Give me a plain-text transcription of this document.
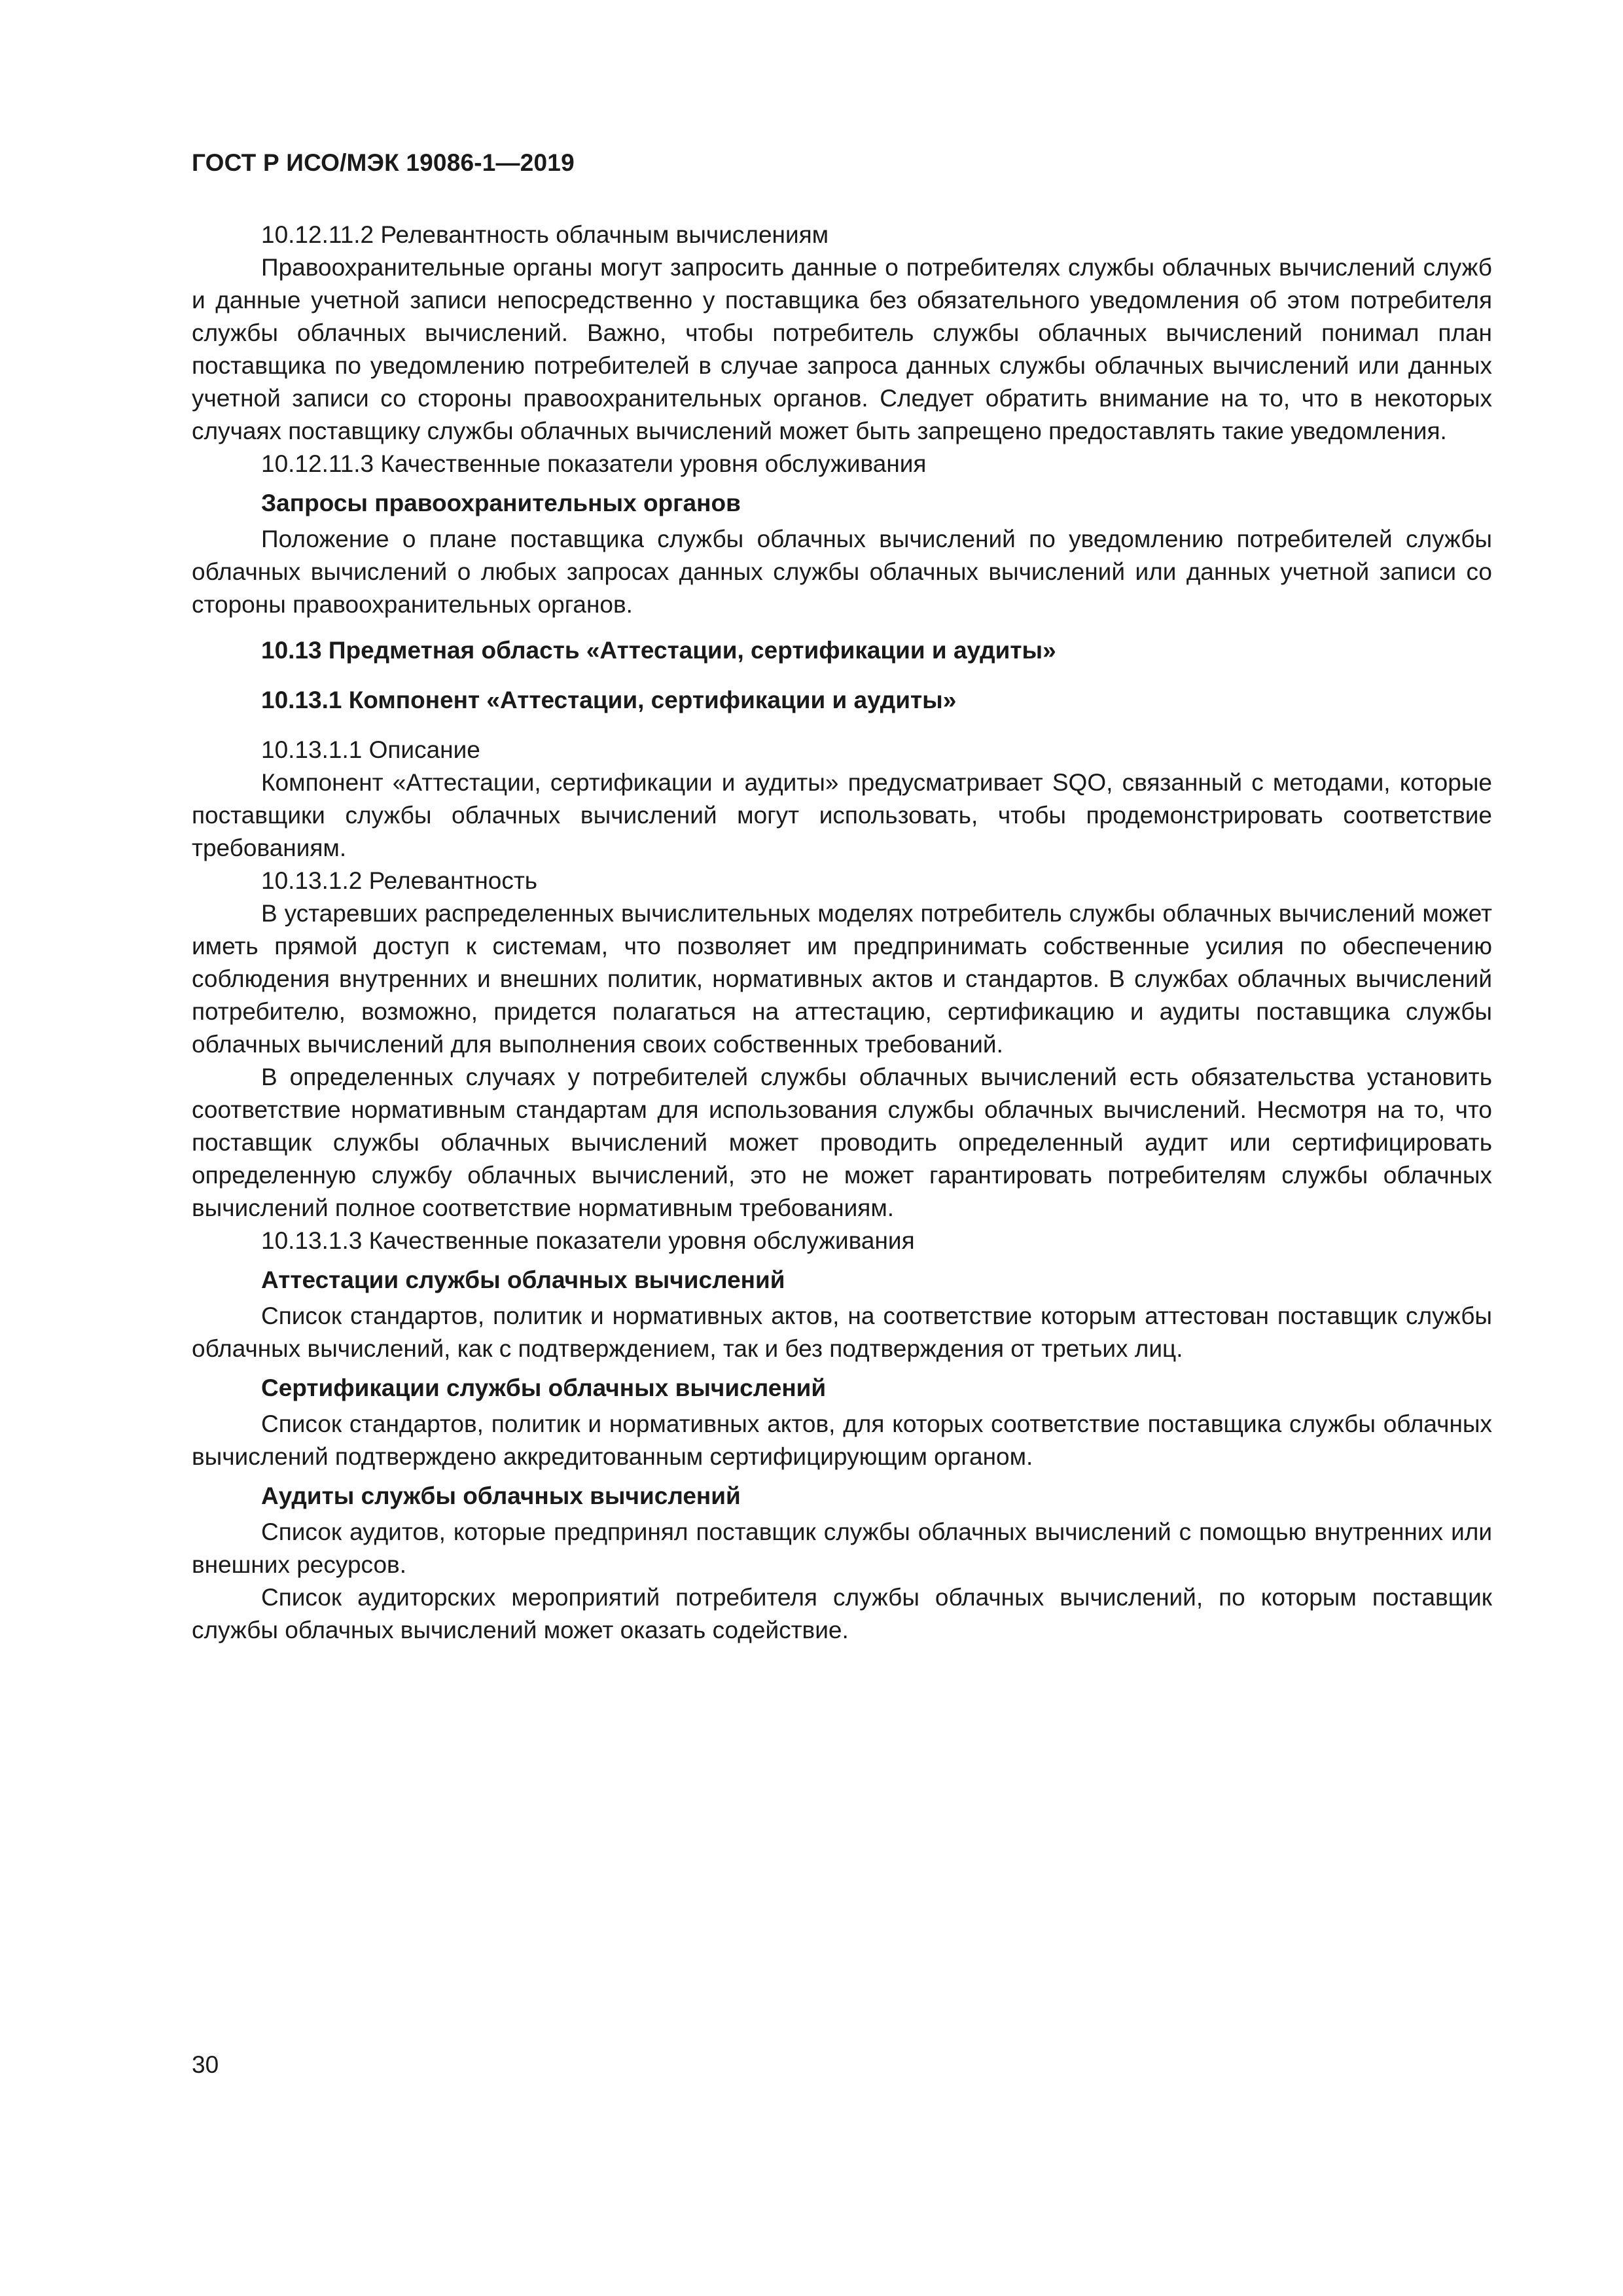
ГОСТ Р ИСО/МЭК 19086-1—2019

10.12.11.2 Релевантность облачным вычислениям

Правоохранительные органы могут запросить данные о потребителях службы облачных вычислений служб и данные учетной записи непосредственно у поставщика без обязательного уведомления об этом потребителя службы облачных вычислений. Важно, чтобы потребитель службы облачных вычислений понимал план поставщика по уведомлению потребителей в случае запроса данных службы облачных вычислений или данных учетной записи со стороны правоохранительных органов. Следует обратить внимание на то, что в некоторых случаях поставщику службы облачных вычислений может быть запрещено предоставлять такие уведомления.

10.12.11.3 Качественные показатели уровня обслуживания

Запросы правоохранительных органов

Положение о плане поставщика службы облачных вычислений по уведомлению потребителей службы облачных вычислений о любых запросах данных службы облачных вычислений или данных учетной записи со стороны правоохранительных органов.

10.13 Предметная область «Аттестации, сертификации и аудиты»

10.13.1 Компонент «Аттестации, сертификации и аудиты»

10.13.1.1 Описание

Компонент «Аттестации, сертификации и аудиты» предусматривает SQO, связанный с методами, которые поставщики службы облачных вычислений могут использовать, чтобы продемонстрировать соответствие требованиям.

10.13.1.2 Релевантность

В устаревших распределенных вычислительных моделях потребитель службы облачных вычислений может иметь прямой доступ к системам, что позволяет им предпринимать собственные усилия по обеспечению соблюдения внутренних и внешних политик, нормативных актов и стандартов. В службах облачных вычислений потребителю, возможно, придется полагаться на аттестацию, сертификацию и аудиты поставщика службы облачных вычислений для выполнения своих собственных требований.

В определенных случаях у потребителей службы облачных вычислений есть обязательства установить соответствие нормативным стандартам для использования службы облачных вычислений. Несмотря на то, что поставщик службы облачных вычислений может проводить определенный аудит или сертифицировать определенную службу облачных вычислений, это не может гарантировать потребителям службы облачных вычислений полное соответствие нормативным требованиям.

10.13.1.3 Качественные показатели уровня обслуживания

Аттестации службы облачных вычислений

Список стандартов, политик и нормативных актов, на соответствие которым аттестован поставщик службы облачных вычислений, как с подтверждением, так и без подтверждения от третьих лиц.

Сертификации службы облачных вычислений

Список стандартов, политик и нормативных актов, для которых соответствие поставщика службы облачных вычислений подтверждено аккредитованным сертифицирующим органом.

Аудиты службы облачных вычислений

Список аудитов, которые предпринял поставщик службы облачных вычислений с помощью внутренних или внешних ресурсов.

Список аудиторских мероприятий потребителя службы облачных вычислений, по которым поставщик службы облачных вычислений может оказать содействие.

30
